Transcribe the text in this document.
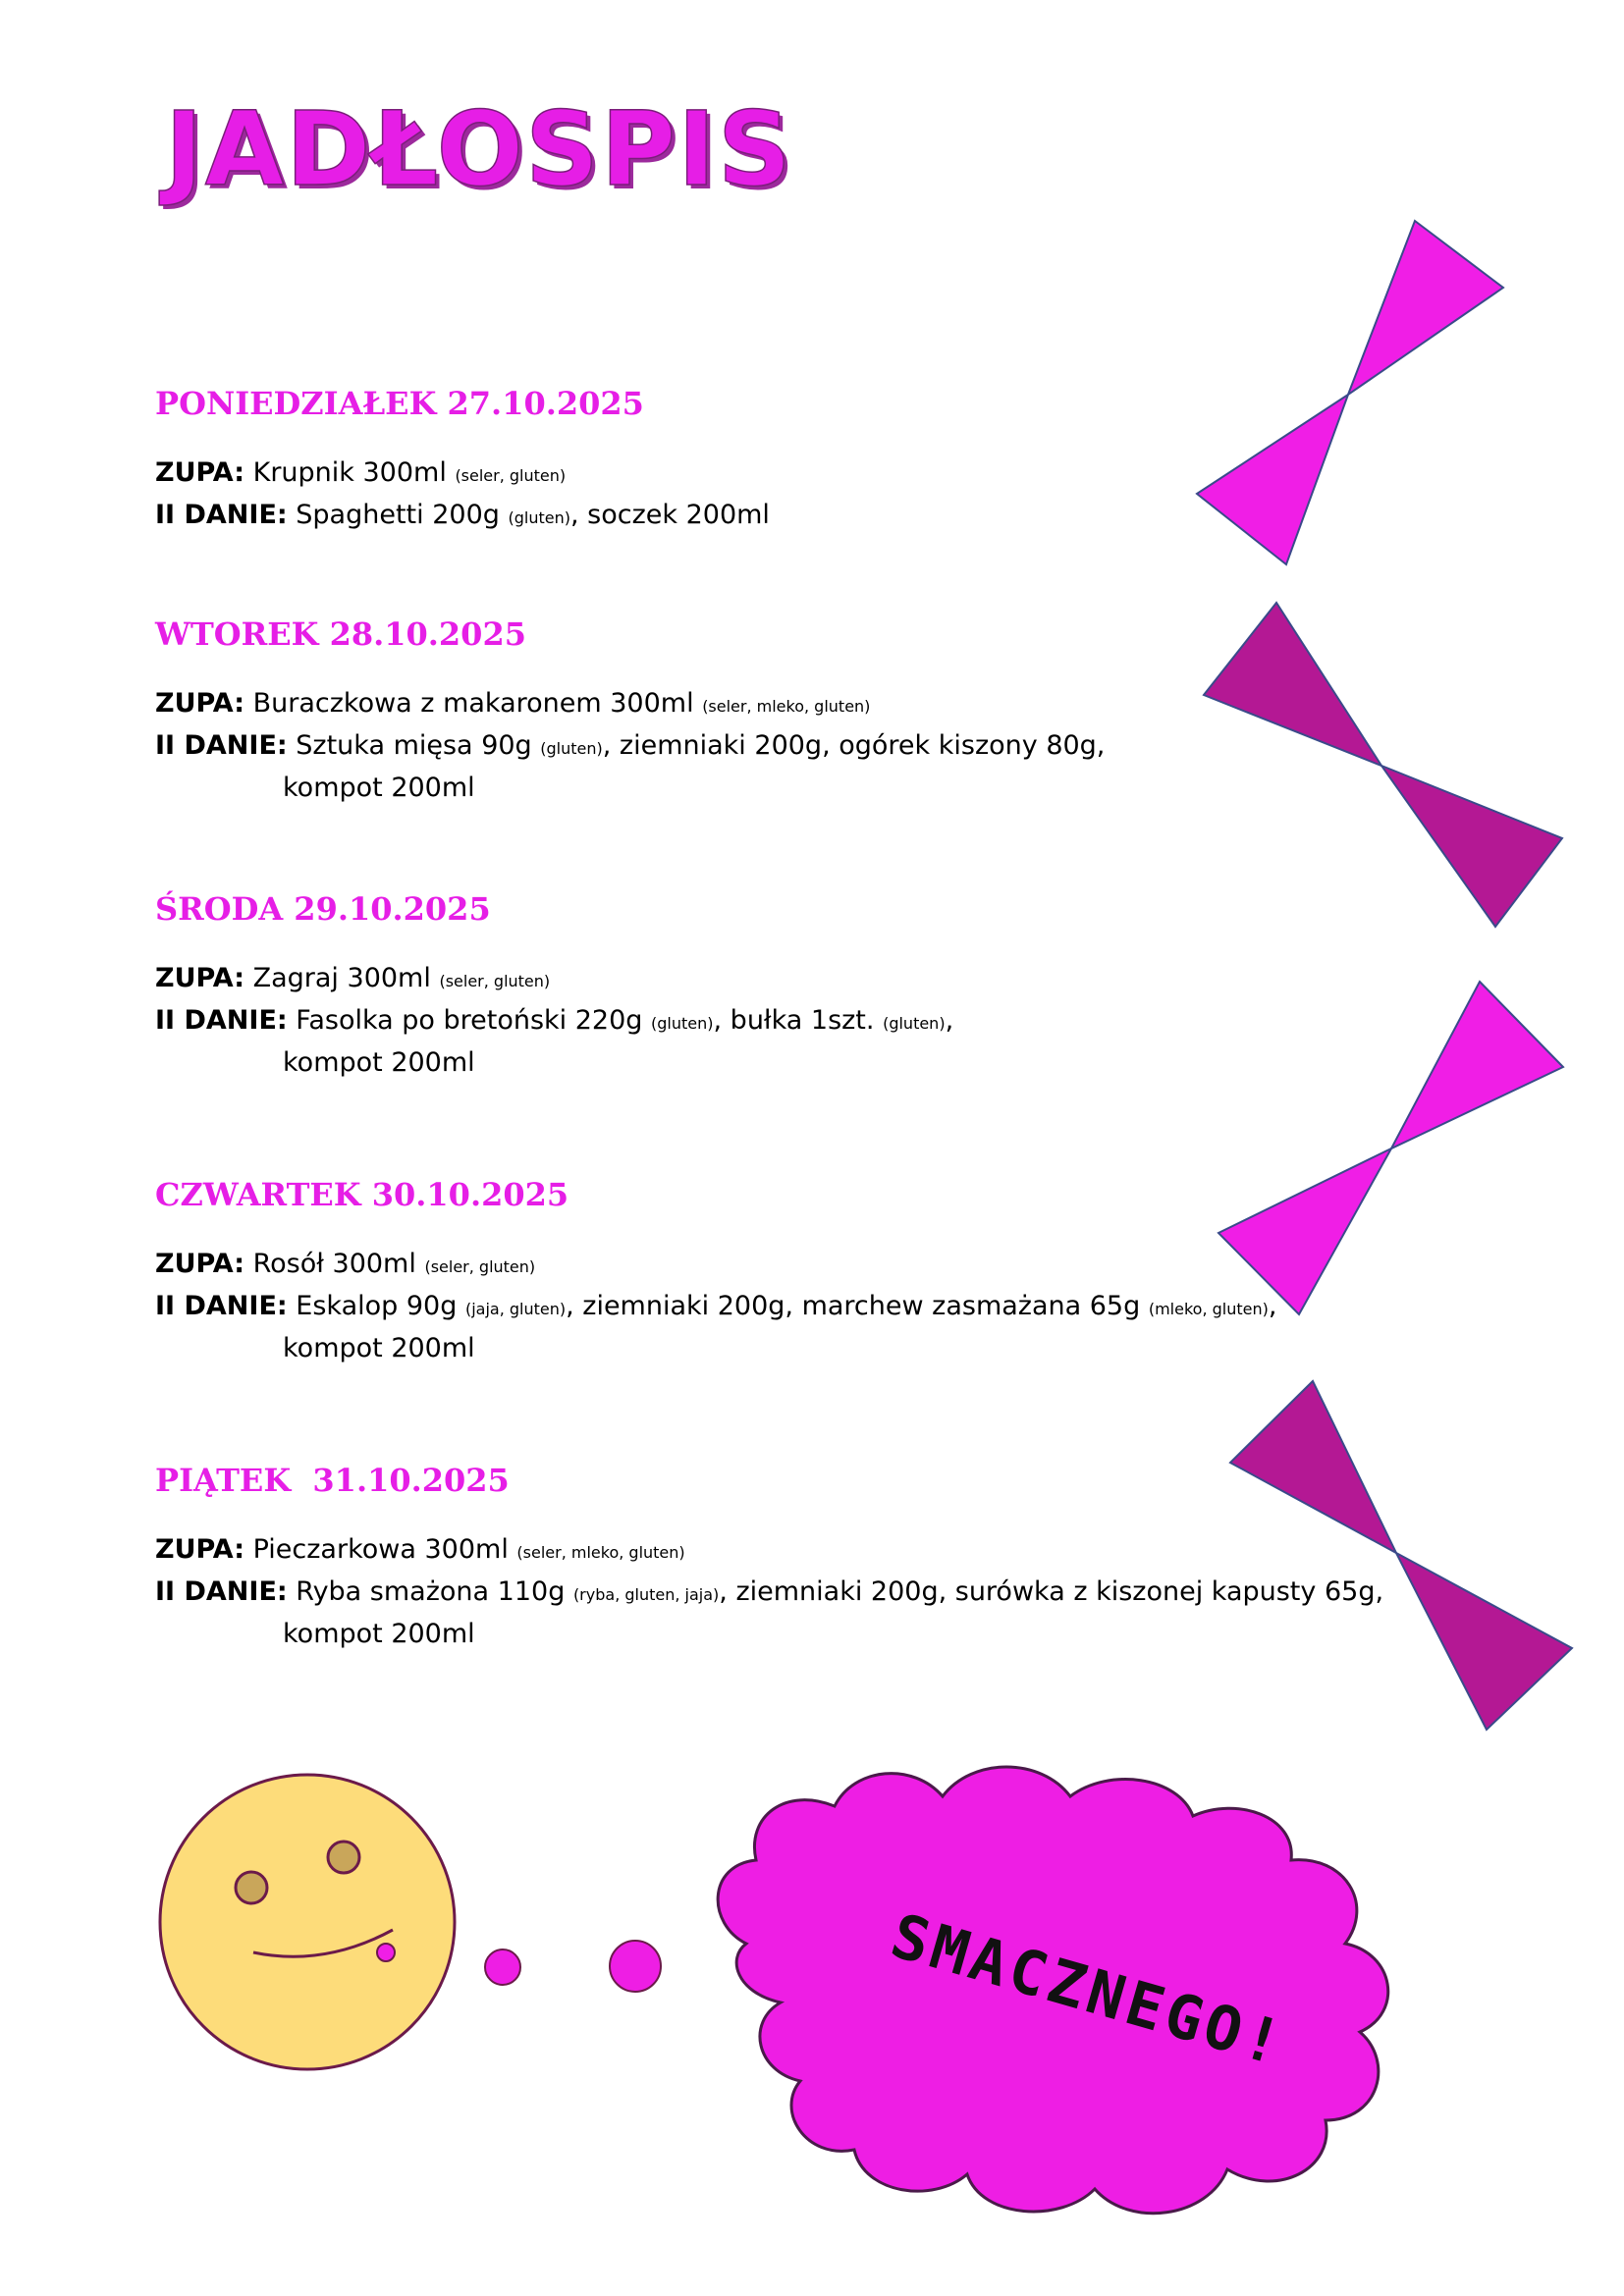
JADŁOSPIS
PONIEDZIAŁEK 27.10.2025
ZUPA: Krupnik 300ml (seler, gluten)
II DANIE: Spaghetti 200g (gluten), soczek 200ml
WTOREK 28.10.2025
ZUPA: Buraczkowa z makaronem 300ml (seler, mleko, gluten)
II DANIE: Sztuka mięsa 90g (gluten), ziemniaki 200g, ogórek kiszony 80g,
kompot 200ml
ŚRODA 29.10.2025
ZUPA: Zagraj 300ml (seler, gluten)
II DANIE: Fasolka po bretoński 220g (gluten), bułka 1szt. (gluten),
kompot 200ml
CZWARTEK 30.10.2025
ZUPA: Rosół 300ml (seler, gluten)
II DANIE: Eskalop 90g (jaja, gluten), ziemniaki 200g, marchew zasmażana 65g (mleko, gluten),
kompot 200ml
PIĄTEK  31.10.2025
ZUPA: Pieczarkowa 300ml (seler, mleko, gluten)
II DANIE: Ryba smażona 110g (ryba, gluten, jaja), ziemniaki 200g, surówka z kiszonej kapusty 65g,
kompot 200ml
SMACZNEGO!
